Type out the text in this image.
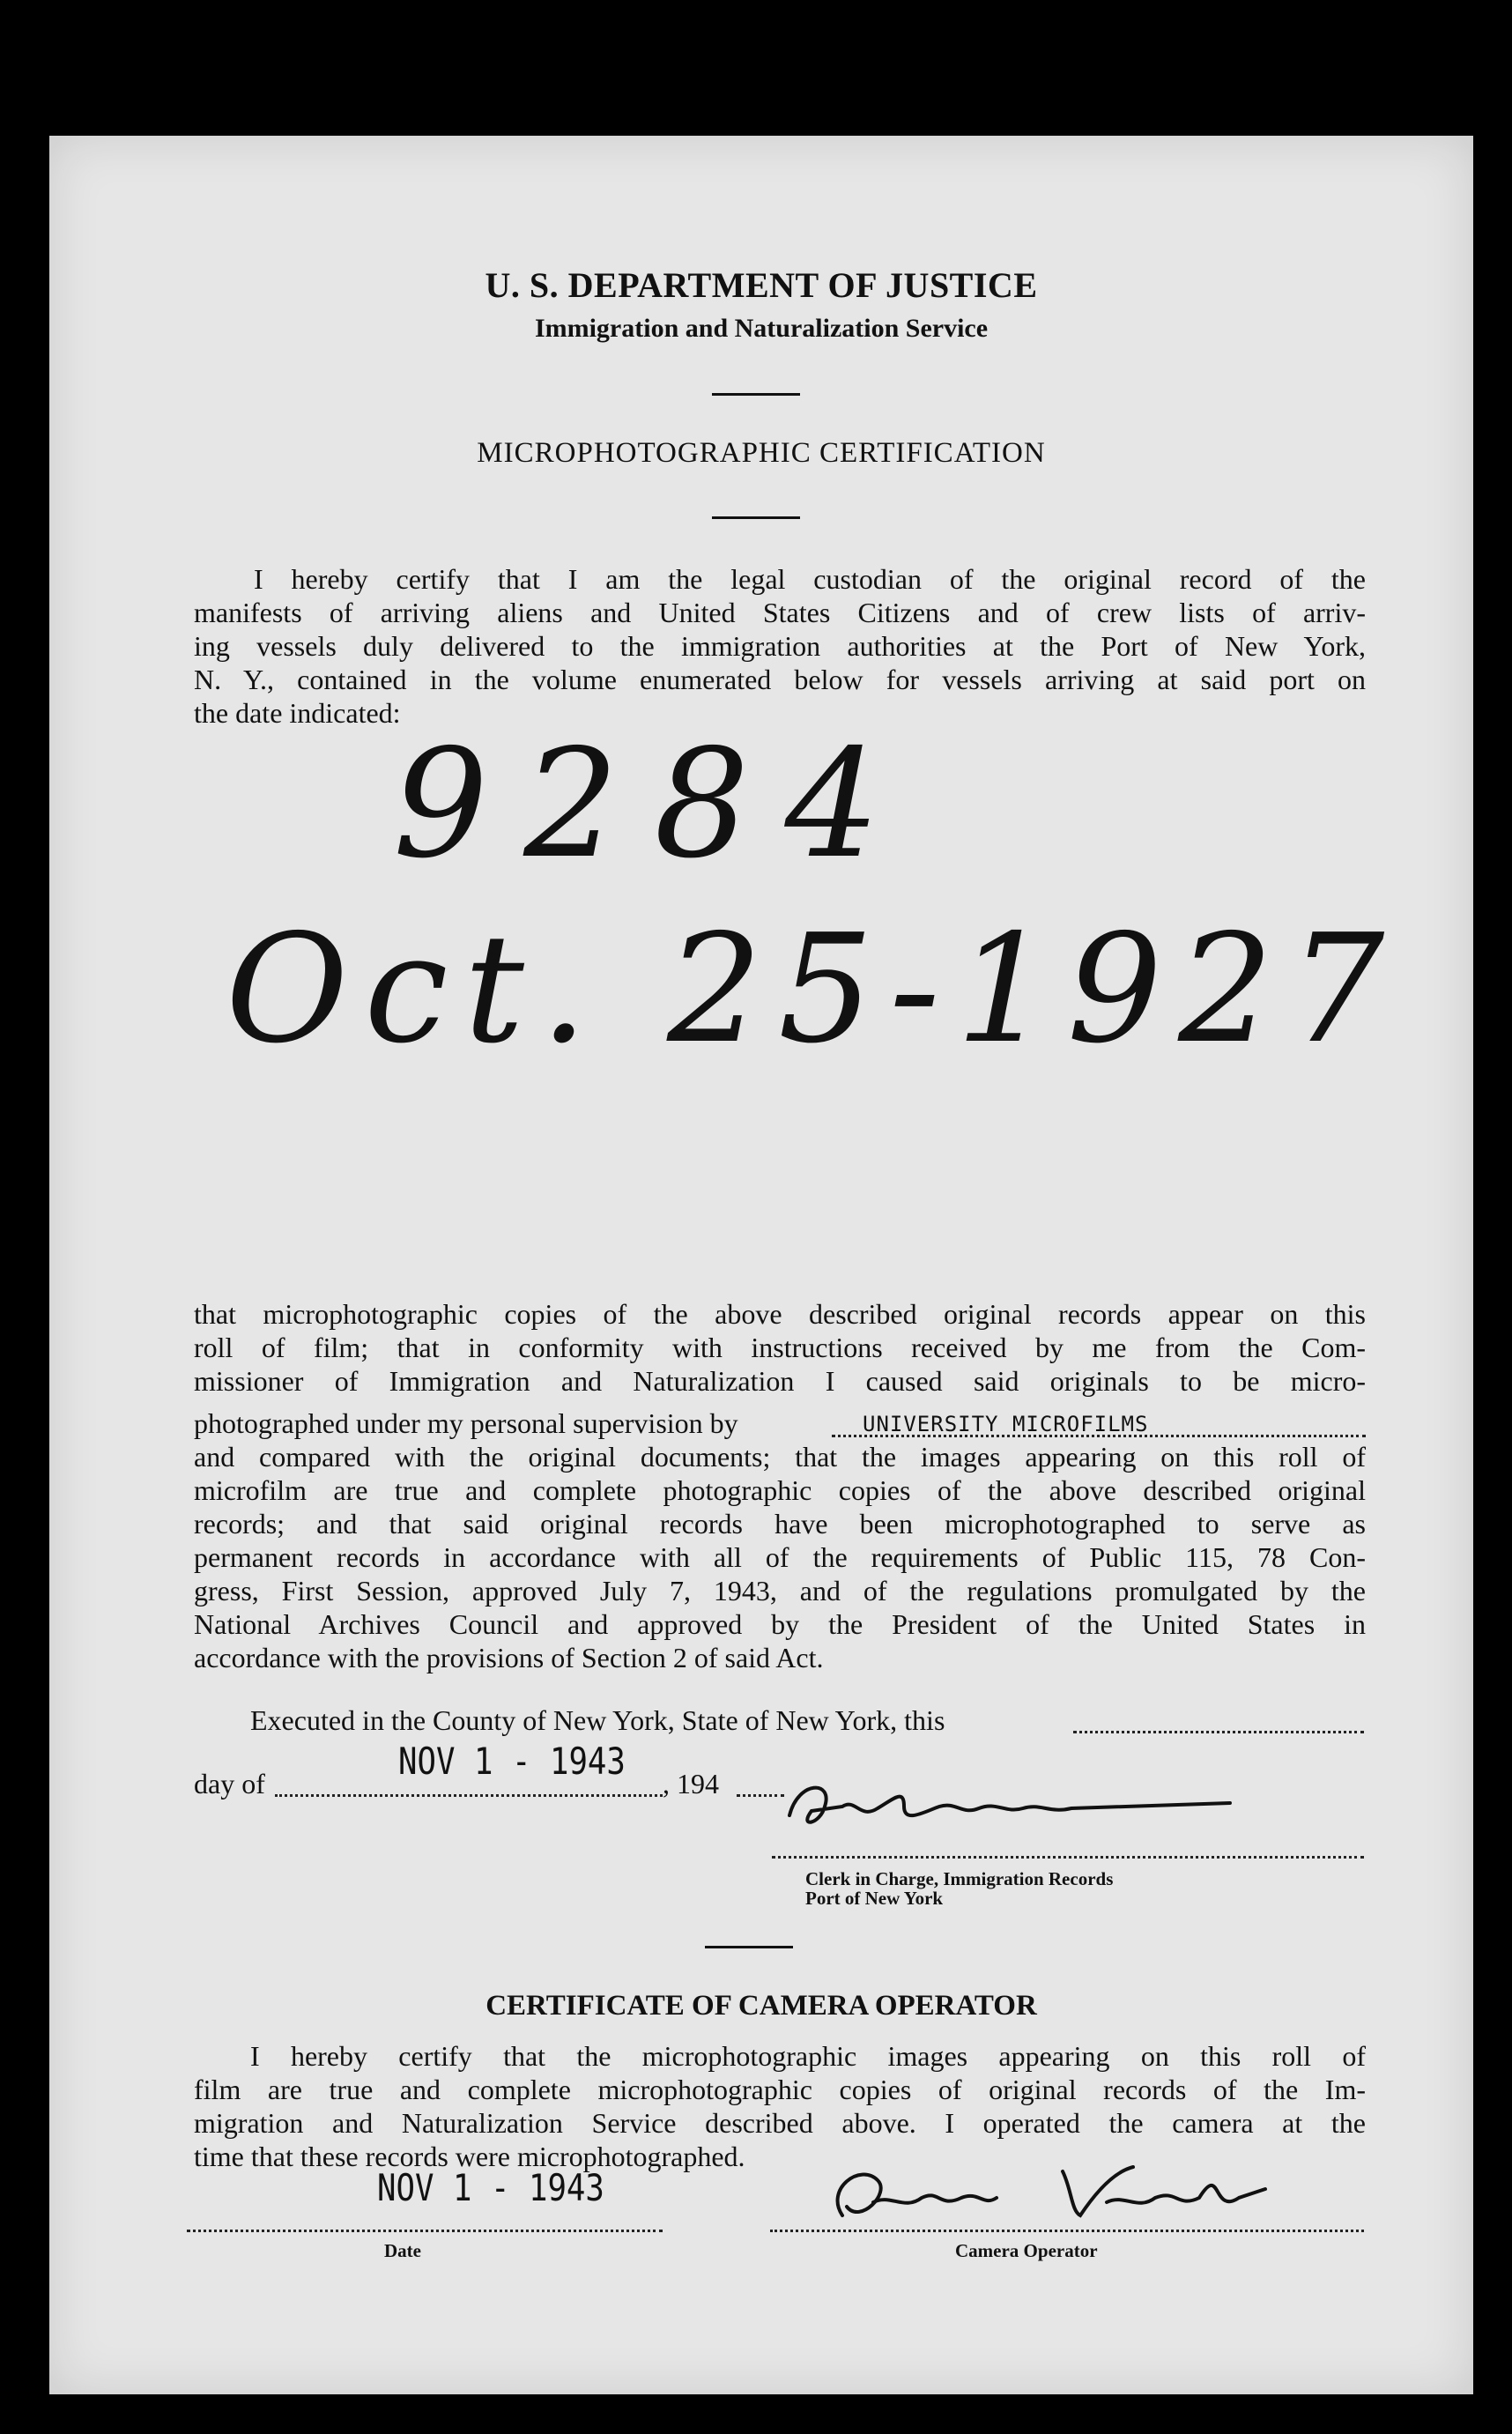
U. S. DEPARTMENT OF JUSTICE
Immigration and Naturalization Service
MICROPHOTOGRAPHIC CERTIFICATION
I hereby certify that I am the legal custodian of the original record of the
manifests of arriving aliens and United States Citizens and of crew lists of arriv-
ing vessels duly delivered to the immigration authorities at the Port of New York,
N. Y., contained in the volume enumerated below for vessels arriving at said port on
the date indicated:
9284
Oct. 25-1927
that microphotographic copies of the above described original records appear on this
roll of film; that in conformity with instructions received by me from the Com-
missioner of Immigration and Naturalization I caused said originals to be micro-
photographed under my personal supervision by	UNIVERSITY MICROFILMS
and compared with the original documents; that the images appearing on this roll of
microfilm are true and complete photographic copies of the above described original
records; and that said original records have been microphotographed to serve as
permanent records in accordance with all of the requirements of Public 115, 78 Con-
gress, First Session, approved July 7, 1943, and of the regulations promulgated by the
National Archives Council and approved by the President of the United States in
accordance with the provisions of Section 2 of said Act.
Executed in the County of New York, State of New York, this
day of
NOV 1 - 1943
, 194
Clerk in Charge, Immigration Records
Port of New York
CERTIFICATE OF CAMERA OPERATOR
I hereby certify that the microphotographic images appearing on this roll of
film are true and complete microphotographic copies of original records of the Im-
migration and Naturalization Service described above. I operated the camera at the
time that these records were microphotographed.
NOV 1 - 1943
Date	Camera Operator
